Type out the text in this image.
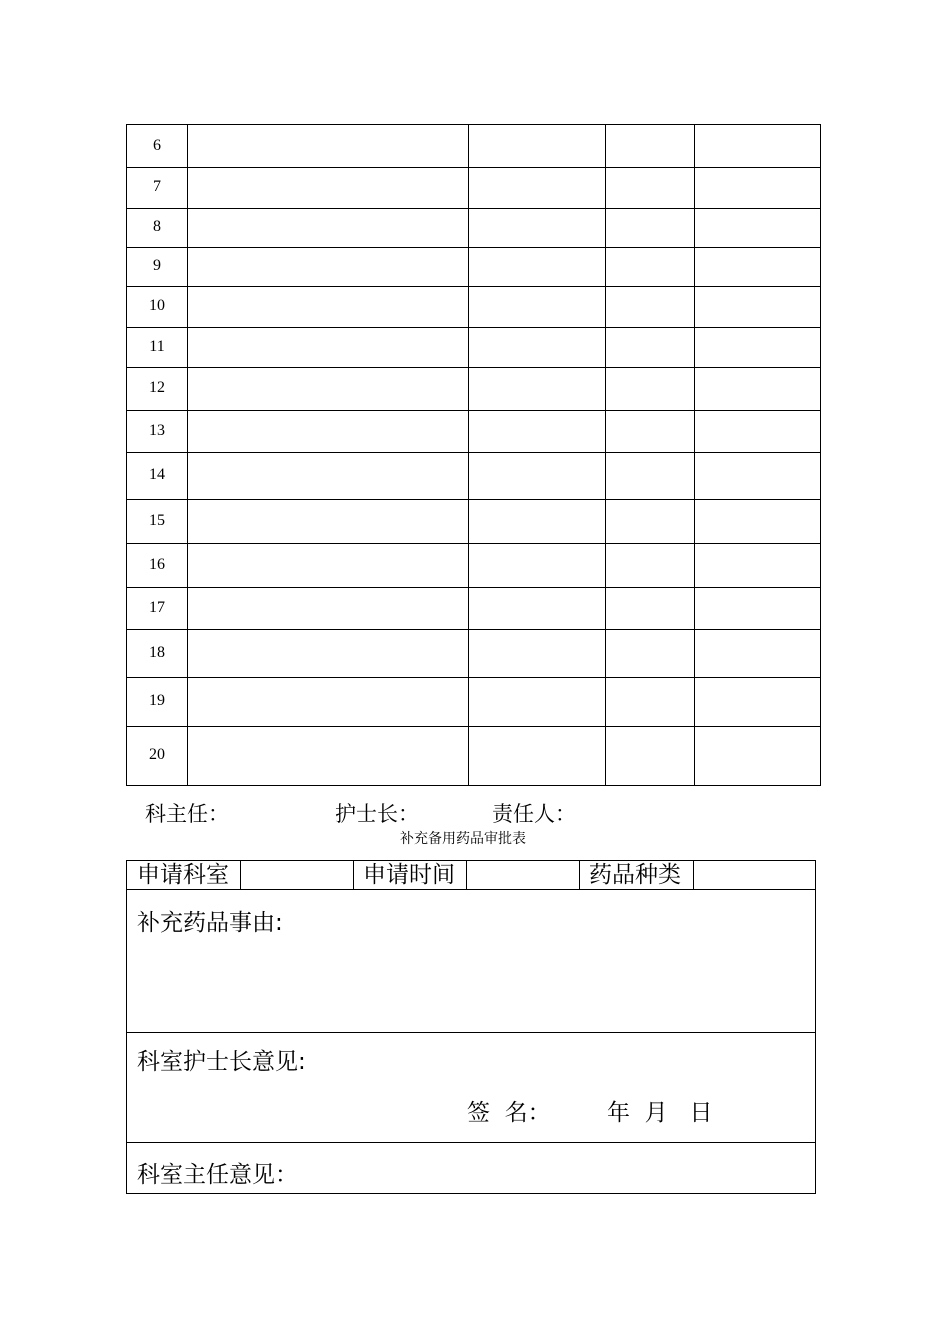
6
7
8
9
10
11
12
13
14
15
16
17
18
19
20
科主任：	护士长：	责任人：
补充备用药品审批表
申请科室	申请时间	药品种类
补充药品事由:
科室护士长意见:
签  名： 年  月   日
科室主任意见：
